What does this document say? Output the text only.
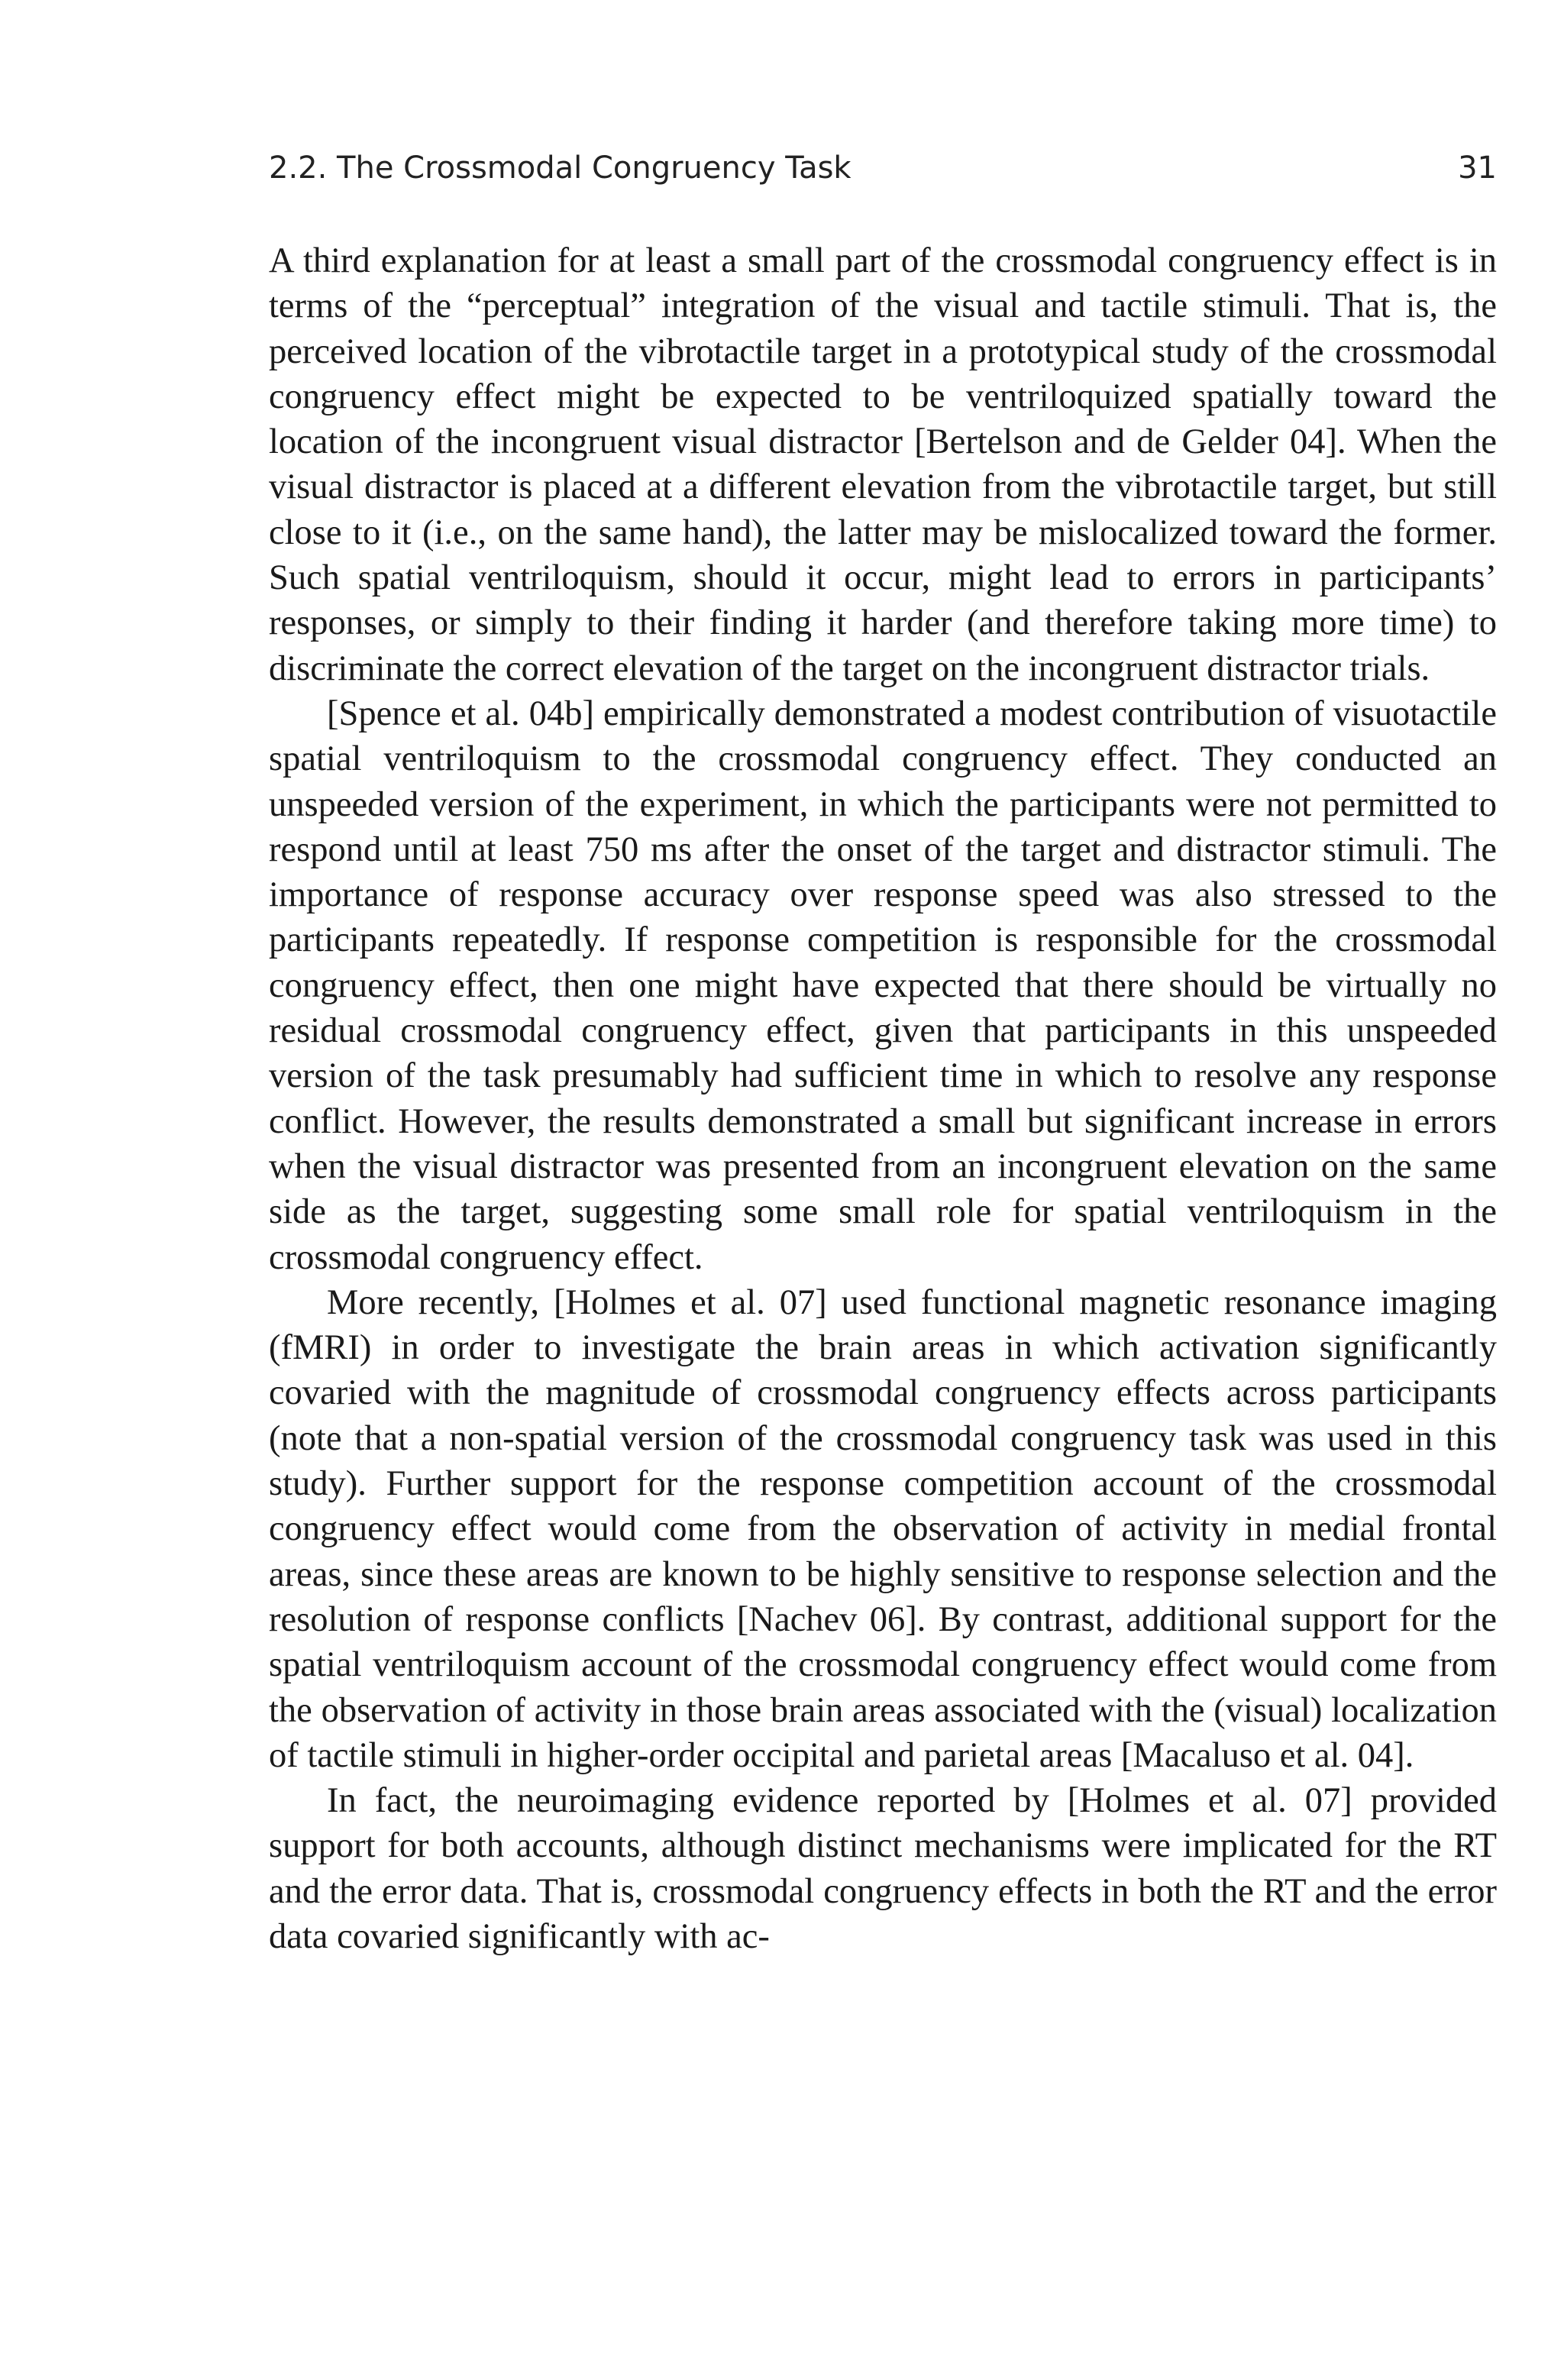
2.2. The Crossmodal Congruency Task	31

A third explanation for at least a small part of the crossmodal congruency effect is in terms of the “perceptual” integration of the visual and tactile stimuli. That is, the perceived location of the vibrotactile target in a prototypical study of the crossmodal congruency effect might be expected to be ventriloquized spatially toward the location of the incongruent visual distractor [Bertelson and de Gelder 04]. When the visual distractor is placed at a different elevation from the vibrotactile target, but still close to it (i.e., on the same hand), the latter may be mislocalized toward the former. Such spatial ventriloquism, should it occur, might lead to errors in participants’ responses, or simply to their finding it harder (and therefore taking more time) to discriminate the correct elevation of the target on the incongruent distractor trials.

[Spence et al. 04b] empirically demonstrated a modest contribution of visuotactile spatial ventriloquism to the crossmodal congruency effect. They conducted an unspeeded version of the experiment, in which the participants were not permitted to respond until at least 750 ms after the onset of the target and distractor stimuli. The importance of response accuracy over response speed was also stressed to the participants repeatedly. If response competition is responsible for the crossmodal congruency effect, then one might have expected that there should be virtually no residual crossmodal congruency effect, given that participants in this unspeeded version of the task presumably had sufficient time in which to resolve any response conflict. However, the results demonstrated a small but significant increase in errors when the visual distractor was presented from an incongruent elevation on the same side as the target, suggesting some small role for spatial ventriloquism in the crossmodal congruency effect.

More recently, [Holmes et al. 07] used functional magnetic resonance imaging (fMRI) in order to investigate the brain areas in which activation significantly covaried with the magnitude of crossmodal congruency effects across participants (note that a non-spatial version of the crossmodal congruency task was used in this study). Further support for the response competition account of the crossmodal congruency effect would come from the observation of activity in medial frontal areas, since these areas are known to be highly sensitive to response selection and the resolution of response conflicts [Nachev 06]. By contrast, additional support for the spatial ventriloquism account of the crossmodal congruency effect would come from the observation of activity in those brain areas associated with the (visual) localization of tactile stimuli in higher-order occipital and parietal areas [Macaluso et al. 04].

In fact, the neuroimaging evidence reported by [Holmes et al. 07] provided support for both accounts, although distinct mechanisms were implicated for the RT and the error data. That is, crossmodal congruency effects in both the RT and the error data covaried significantly with ac-
